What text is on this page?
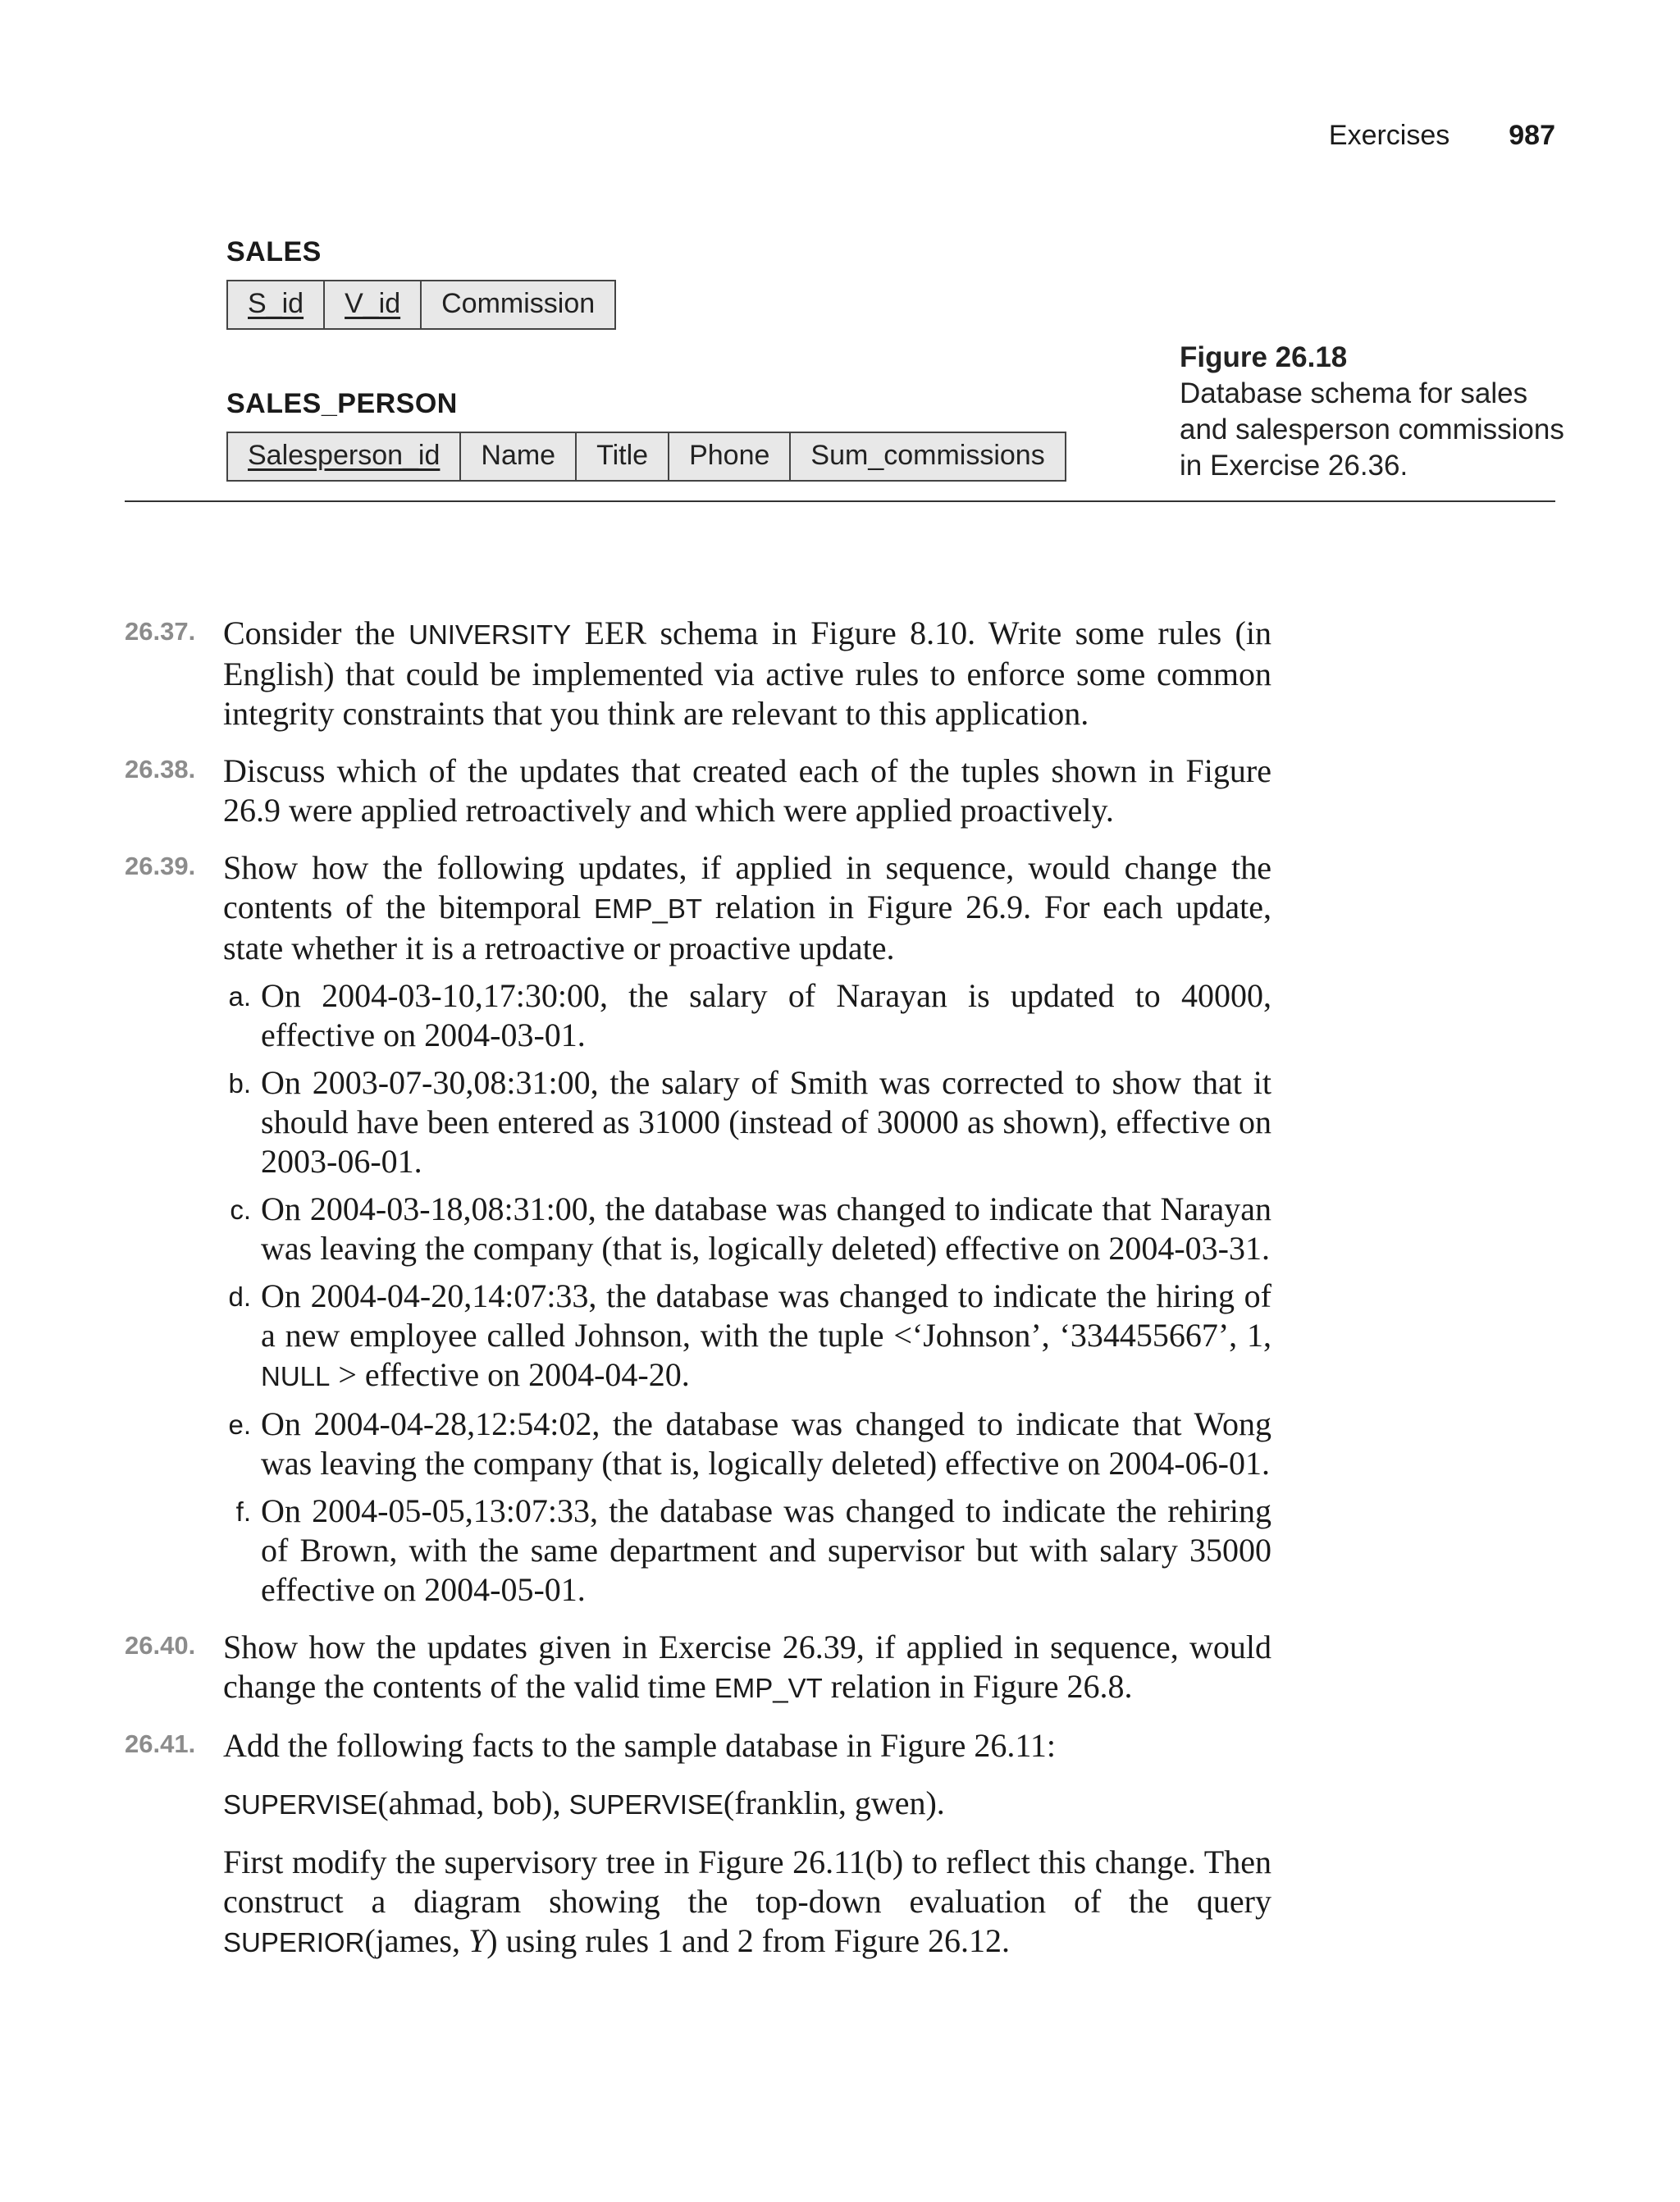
Exercises 987
SALES
S_id	V_id	Commission
SALES_PERSON
Salesperson_id	Name	Title	Phone	Sum_commissions
Figure 26.18
Database schema for sales and salesperson commissions in Exercise 26.36.
26.37. Consider the UNIVERSITY EER schema in Figure 8.10. Write some rules (in English) that could be implemented via active rules to enforce some common integrity constraints that you think are relevant to this application.

26.38. Discuss which of the updates that created each of the tuples shown in Figure 26.9 were applied retroactively and which were applied proactively.

26.39. Show how the following updates, if applied in sequence, would change the contents of the bitemporal EMP_BT relation in Figure 26.9. For each update, state whether it is a retroactive or proactive update.

a. On 2004-03-10,17:30:00, the salary of Narayan is updated to 40000, effective on 2004-03-01.

b. On 2003-07-30,08:31:00, the salary of Smith was corrected to show that it should have been entered as 31000 (instead of 30000 as shown), effective on 2003-06-01.

c. On 2004-03-18,08:31:00, the database was changed to indicate that Narayan was leaving the company (that is, logically deleted) effective on 2004-03-31.

d. On 2004-04-20,14:07:33, the database was changed to indicate the hiring of a new employee called Johnson, with the tuple <‘Johnson’, ‘334455667’, 1, NULL > effective on 2004-04-20.

e. On 2004-04-28,12:54:02, the database was changed to indicate that Wong was leaving the company (that is, logically deleted) effective on 2004-06-01.

f. On 2004-05-05,13:07:33, the database was changed to indicate the rehiring of Brown, with the same department and supervisor but with salary 35000 effective on 2004-05-01.

26.40. Show how the updates given in Exercise 26.39, if applied in sequence, would change the contents of the valid time EMP_VT relation in Figure 26.8.

26.41. Add the following facts to the sample database in Figure 26.11:

SUPERVISE(ahmad, bob), SUPERVISE(franklin, gwen).

First modify the supervisory tree in Figure 26.11(b) to reflect this change. Then construct a diagram showing the top-down evaluation of the query SUPERIOR(james, Y) using rules 1 and 2 from Figure 26.12.
